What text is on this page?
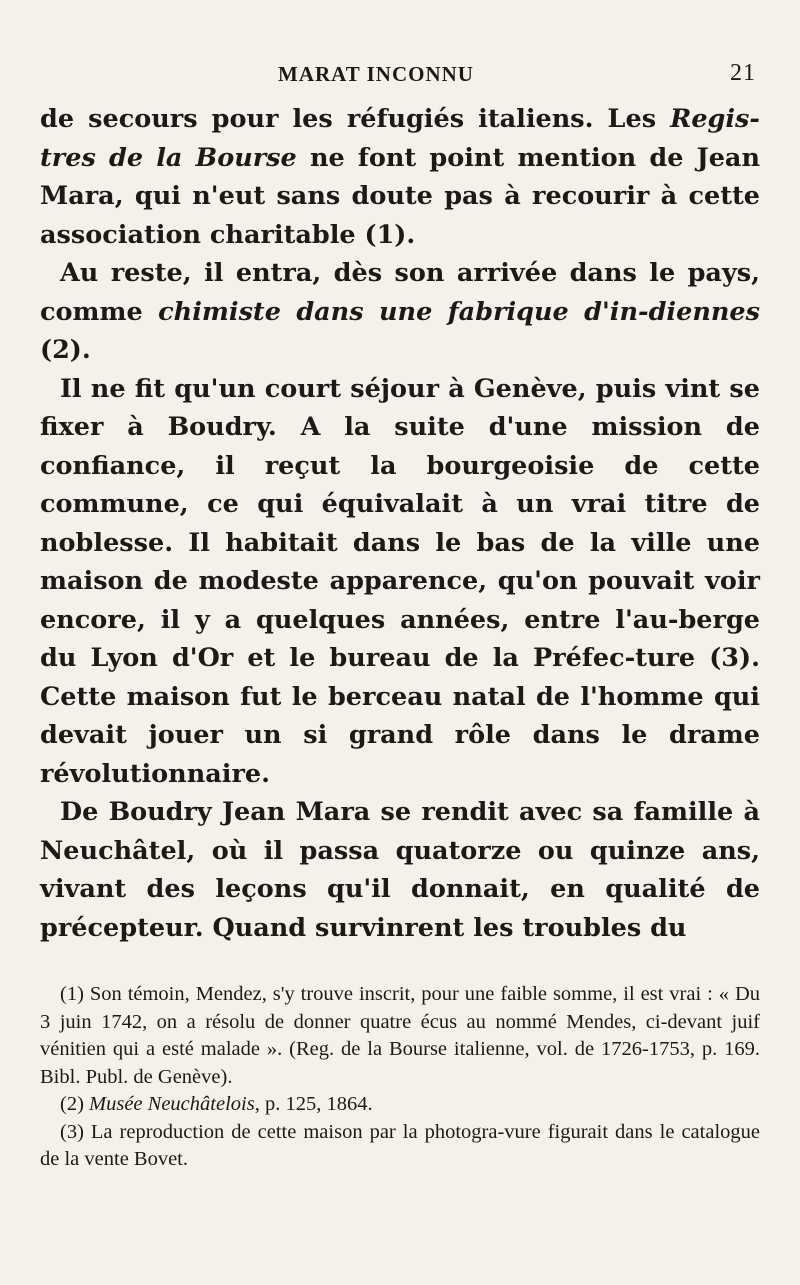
MARAT INCONNU	21

de secours pour les réfugiés italiens. Les Regis-tres de la Bourse ne font point mention de Jean Mara, qui n'eut sans doute pas à recourir à cette association charitable (1).

Au reste, il entra, dès son arrivée dans le pays, comme chimiste dans une fabrique d'in-diennes (2).

Il ne fit qu'un court séjour à Genève, puis vint se fixer à Boudry. A la suite d'une mission de confiance, il reçut la bourgeoisie de cette commune, ce qui équivalait à un vrai titre de noblesse. Il habitait dans le bas de la ville une maison de modeste apparence, qu'on pouvait voir encore, il y a quelques années, entre l'au-berge du Lyon d'Or et le bureau de la Préfec-ture (3). Cette maison fut le berceau natal de l'homme qui devait jouer un si grand rôle dans le drame révolutionnaire.

De Boudry Jean Mara se rendit avec sa famille à Neuchâtel, où il passa quatorze ou quinze ans, vivant des leçons qu'il donnait, en qualité de précepteur. Quand survinrent les troubles du

(1) Son témoin, Mendez, s'y trouve inscrit, pour une faible somme, il est vrai : « Du 3 juin 1742, on a résolu de donner quatre écus au nommé Mendes, ci-devant juif vénitien qui a esté malade ». (Reg. de la Bourse italienne, vol. de 1726-1753, p. 169. Bibl. Publ. de Genève).

(2) Musée Neuchâtelois, p. 125, 1864.

(3) La reproduction de cette maison par la photogra-vure figurait dans le catalogue de la vente Bovet.
